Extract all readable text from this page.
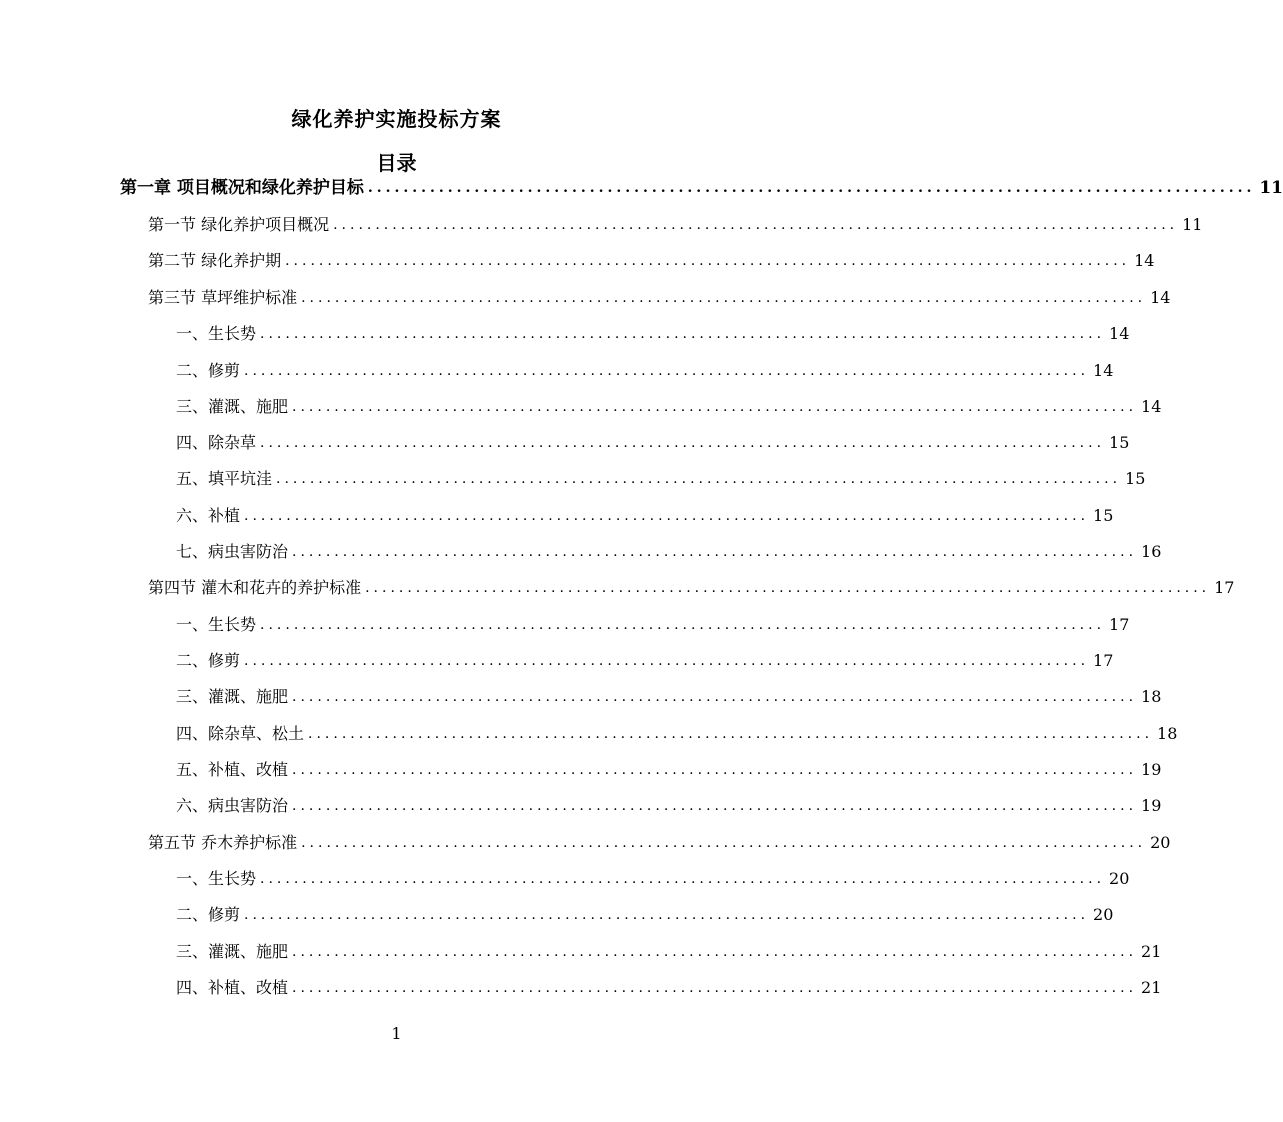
绿化养护实施投标方案
目录
第一章 项目概况和绿化养护目标 .................................................................................................... 11
第一节 绿化养护项目概况 .................................................................................................... 11
第二节 绿化养护期 .................................................................................................... 14
第三节 草坪维护标准 .................................................................................................... 14
一、生长势 .................................................................................................... 14
二、修剪 .................................................................................................... 14
三、灌溉、施肥 .................................................................................................... 14
四、除杂草 .................................................................................................... 15
五、填平坑洼 .................................................................................................... 15
六、补植 .................................................................................................... 15
七、病虫害防治 .................................................................................................... 16
第四节 灌木和花卉的养护标准 .................................................................................................... 17
一、生长势 .................................................................................................... 17
二、修剪 .................................................................................................... 17
三、灌溉、施肥 .................................................................................................... 18
四、除杂草、松土 .................................................................................................... 18
五、补植、改植 .................................................................................................... 19
六、病虫害防治 .................................................................................................... 19
第五节 乔木养护标准 .................................................................................................... 20
一、生长势 .................................................................................................... 20
二、修剪 .................................................................................................... 20
三、灌溉、施肥 .................................................................................................... 21
四、补植、改植 .................................................................................................... 21
1
